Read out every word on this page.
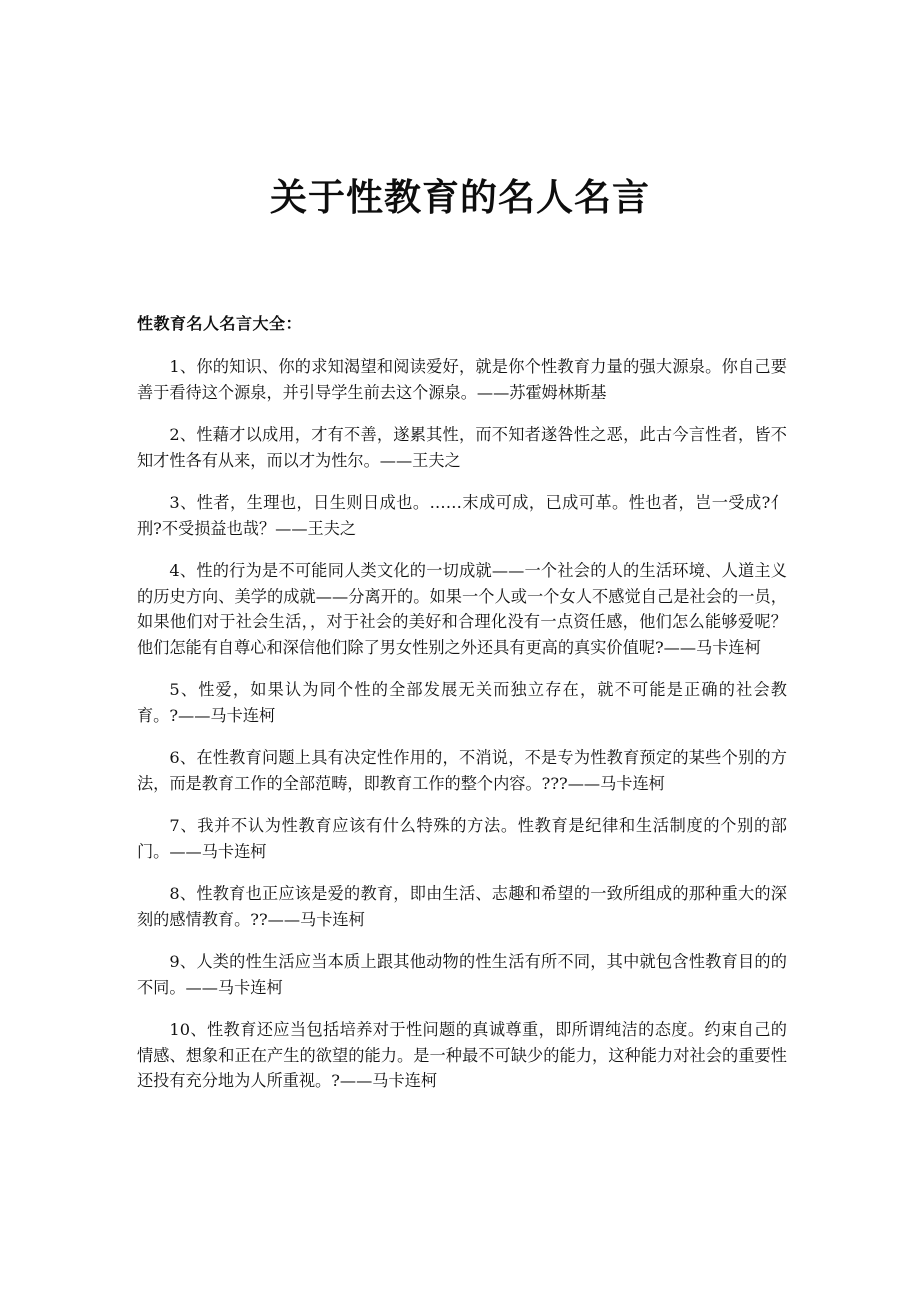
关于性教育的名人名言
性教育名人名言大全：

1、你的知识、你的求知渴望和阅读爱好，就是你个性教育力量的强大源泉。你自己要善于看待这个源泉，并引导学生前去这个源泉。——苏霍姆林斯基

2、性藉才以成用，才有不善，遂累其性，而不知者遂咎性之恶，此古今言性者，皆不知才性各有从来，而以才为性尔。——王夫之

3、性者，生理也，日生则日成也。……末成可成，已成可革。性也者，岂一受成?亻 刑?不受损益也哉？——王夫之

4、性的行为是不可能同人类文化的一切成就——一个社会的人的生活环境、人道主义的历史方向、美学的成就——分离开的。如果一个人或一个女人不感觉自己是社会的一员，如果他们对于社会生活，，对于社会的美好和合理化没有一点资任感，他们怎么能够爱呢？他们怎能有自尊心和深信他们除了男女性别之外还具有更高的真实价值呢?——马卡连柯

5、性爱，如果认为同个性的全部发展无关而独立存在，就不可能是正确的社会教育。?——马卡连柯

6、在性教育问题上具有决定性作用的，不消说，不是专为性教育预定的某些个别的方法，而是教育工作的全部范畴，即教育工作的整个内容。???——马卡连柯

7、我并不认为性教育应该有什么特殊的方法。性教育是纪律和生活制度的个别的部门。——马卡连柯

8、性教育也正应该是爱的教育，即由生活、志趣和希望的一致所组成的那种重大的深刻的感情教育。??——马卡连柯

9、人类的性生活应当本质上跟其他动物的性生活有所不同，其中就包含性教育目的的不同。——马卡连柯

10、性教育还应当包括培养对于性问题的真诚尊重，即所谓纯洁的态度。约束自己的情感、想象和正在产生的欲望的能力。是一种最不可缺少的能力，这种能力对社会的重要性还投有充分地为人所重视。?——马卡连柯
